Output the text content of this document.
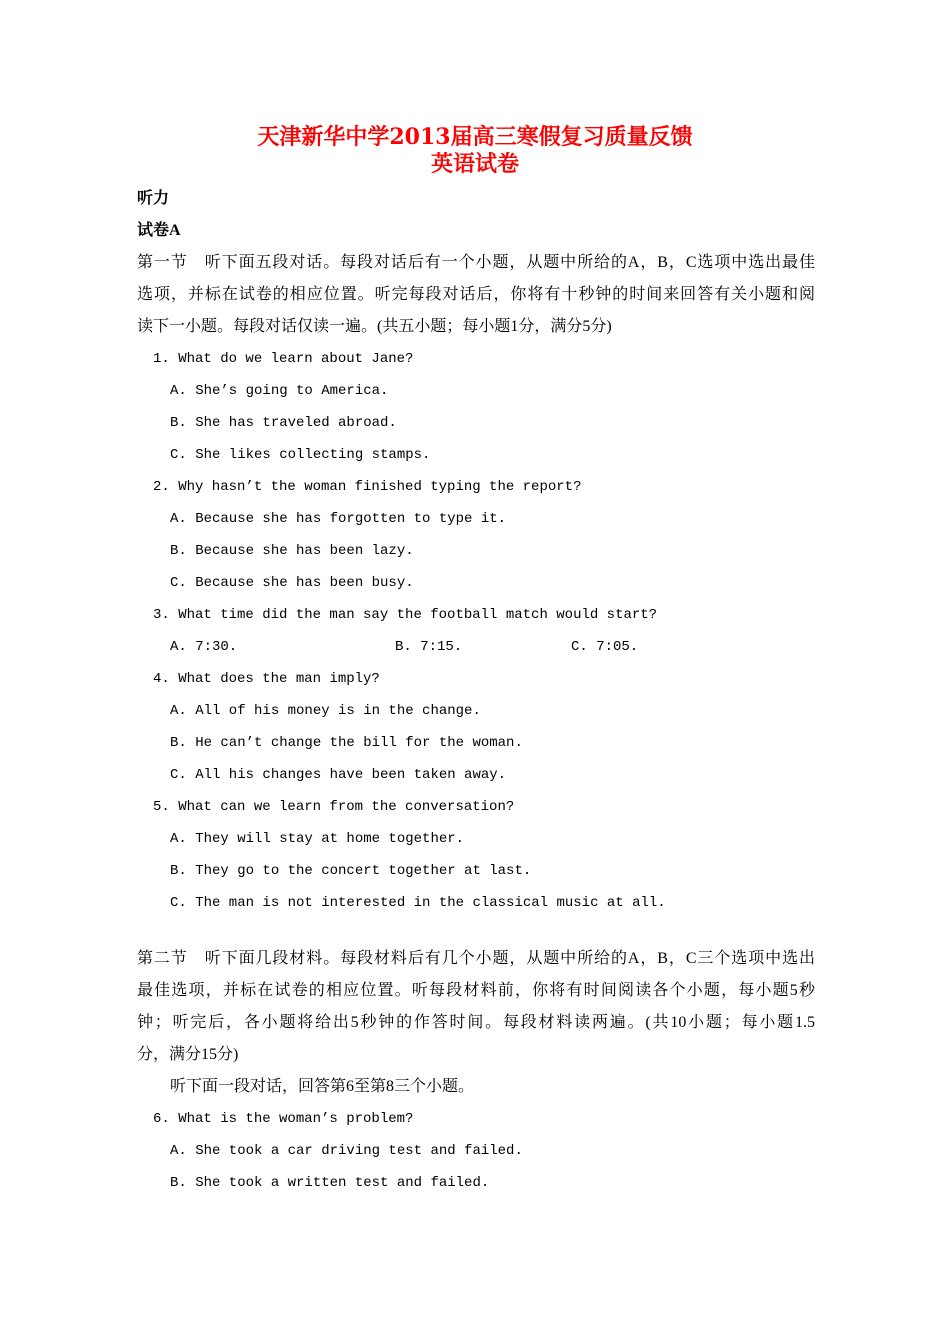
天津新华中学2013届高三寒假复习质量反馈
英语试卷
听力
试卷A
第一节　听下面五段对话。每段对话后有一个小题，从题中所给的A，B，C选项中选出最佳
选项，并标在试卷的相应位置。听完每段对话后，你将有十秒钟的时间来回答有关小题和阅
读下一小题。每段对话仅读一遍。(共五小题；每小题1分，满分5分)
1. What do we learn about Jane?
A. She’s going to America.
B. She has traveled abroad.
C. She likes collecting stamps.
2. Why hasn’t the woman finished typing the report?
A. Because she has forgotten to type it.
B. Because she has been lazy.
C. Because she has been busy.
3. What time did the man say the football match would start?
A. 7:30.	B. 7:15.	C. 7:05.
4. What does the man imply?
A. All of his money is in the change.
B. He can’t change the bill for the woman.
C. All his changes have been taken away.
5. What can we learn from the conversation?
A. They will stay at home together.
B. They go to the concert together at last.
C. The man is not interested in the classical music at all.
第二节　听下面几段材料。每段材料后有几个小题，从题中所给的A，B，C三个选项中选出
最佳选项，并标在试卷的相应位置。听每段材料前，你将有时间阅读各个小题，每小题5秒
钟；听完后，各小题将给出5秒钟的作答时间。每段材料读两遍。(共10小题；每小题1.5
分，满分15分)
听下面一段对话，回答第6至第8三个小题。
6. What is the woman’s problem?
A. She took a car driving test and failed.
B. She took a written test and failed.
